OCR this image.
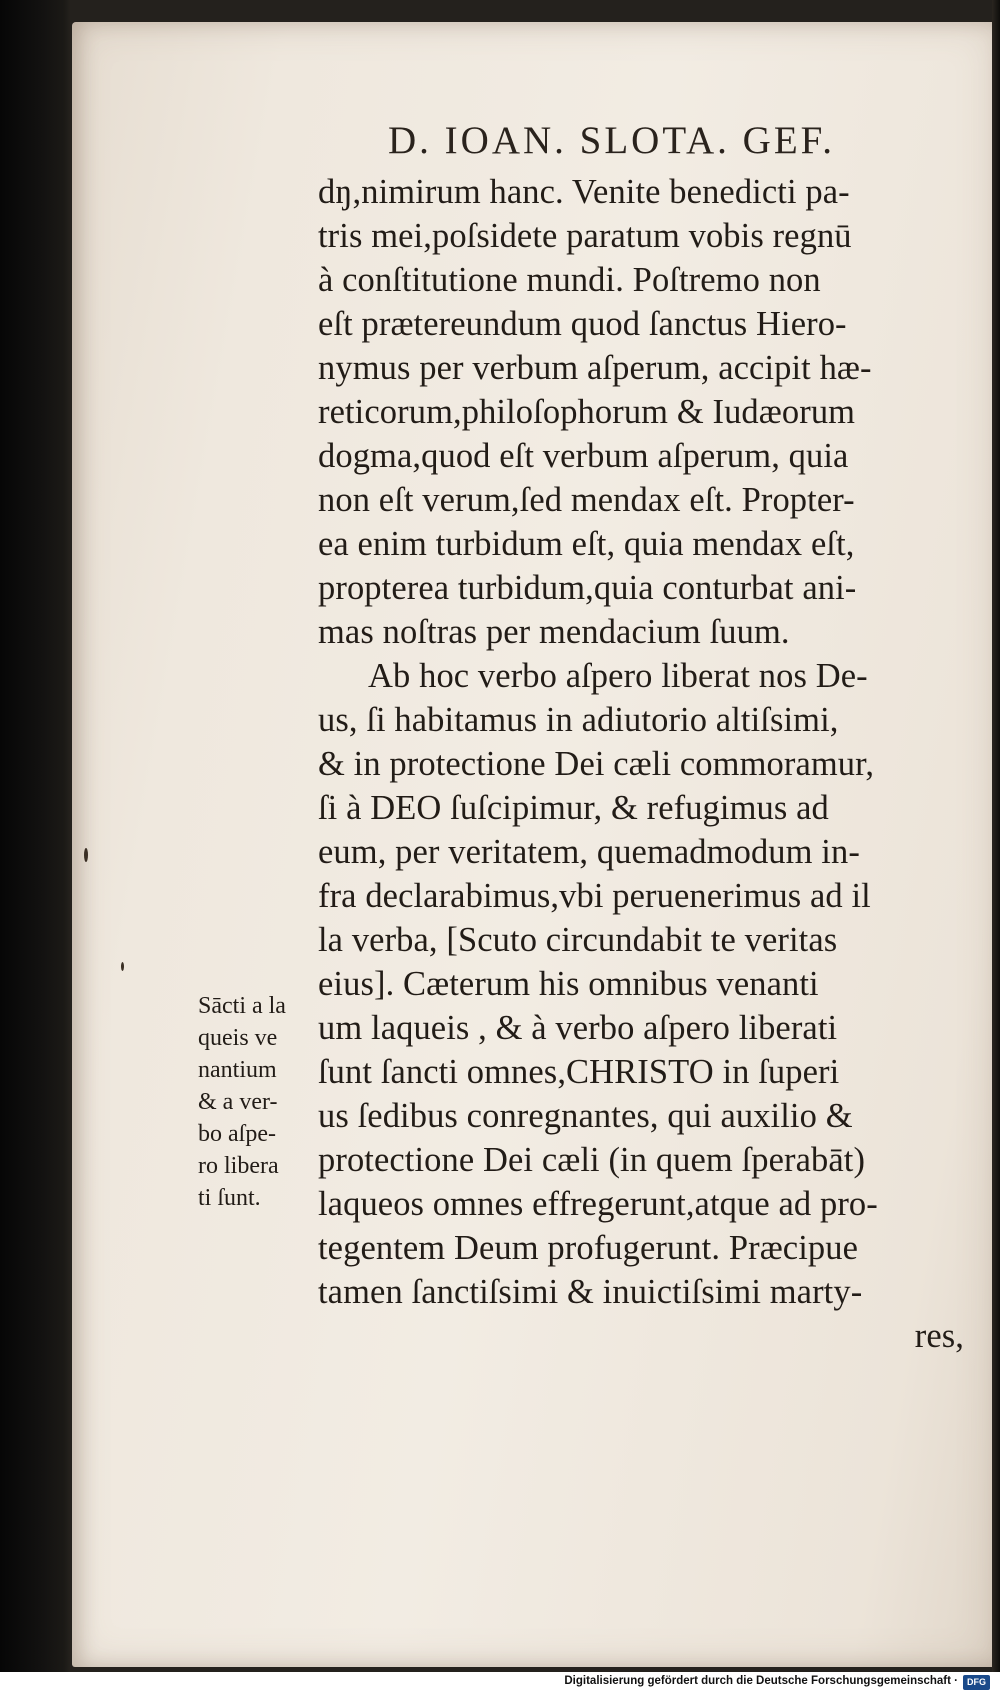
D. IOAN. SLOTA. GEF.
dŋ,nimirum hanc. Venite benedicti pa-
tris mei,poſsidete paratum vobis regnū
à conſtitutione mundi. Poſtremo non
eſt prætereundum quod ſanctus Hiero-
nymus per verbum aſperum, accipit hæ-
reticorum,philoſophorum & Iudæorum
dogma,quod eſt verbum aſperum, quia
non eſt verum,ſed mendax eſt. Propter-
ea enim turbidum eſt, quia mendax eſt,
propterea turbidum,quia conturbat ani-
mas noſtras per mendacium ſuum.
Ab hoc verbo aſpero liberat nos De-
us, ſi habitamus in adiutorio altiſsimi,
& in protectione Dei cæli commoramur,
ſi à DEO ſuſcipimur, & refugimus ad
eum, per veritatem, quemadmodum in-
fra declarabimus,vbi peruenerimus ad il
la verba, [Scuto circundabit te veritas
eius]. Cæterum his omnibus venanti
um laqueis , & à verbo aſpero liberati
ſunt ſancti omnes,CHRISTO in ſuperi
us ſedibus conregnantes, qui auxilio &
protectione Dei cæli (in quem ſperabāt)
laqueos omnes effregerunt,atque ad pro-
tegentem Deum profugerunt. Præcipue
tamen ſanctiſsimi & inuictiſsimi marty-
res,
Sācti a la
queis ve
nantium
& a ver-
bo aſpe-
ro libera
ti ſunt.
Digitalisierung gefördert durch die Deutsche Forschungsgemeinschaft ·	DFG
